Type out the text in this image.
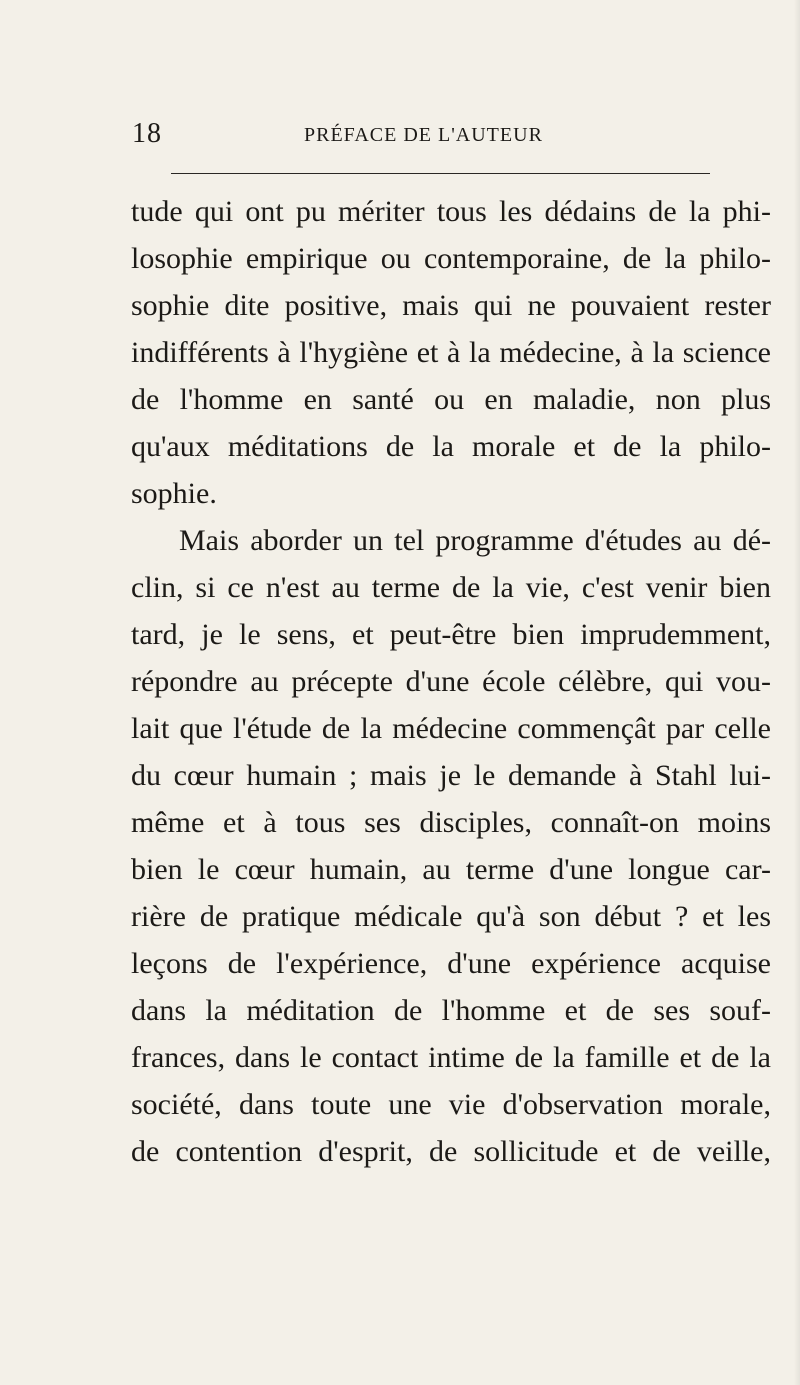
18	PRÉFACE DE L'AUTEUR
tude qui ont pu mériter tous les dédains de la phi-
losophie empirique ou contemporaine, de la philo-
sophie dite positive, mais qui ne pouvaient rester
indifférents à l'hygiène et à la médecine, à la science
de l'homme en santé ou en maladie, non plus
qu'aux méditations de la morale et de la philo-
sophie.
Mais aborder un tel programme d'études au dé-
clin, si ce n'est au terme de la vie, c'est venir bien
tard, je le sens, et peut-être bien imprudemment,
répondre au précepte d'une école célèbre, qui vou-
lait que l'étude de la médecine commençât par celle
du cœur humain ; mais je le demande à Stahl lui-
même et à tous ses disciples, connaît-on moins
bien le cœur humain, au terme d'une longue car-
rière de pratique médicale qu'à son début ? et les
leçons de l'expérience, d'une expérience acquise
dans la méditation de l'homme et de ses souf-
frances, dans le contact intime de la famille et de la
société, dans toute une vie d'observation morale,
de contention d'esprit, de sollicitude et de veille,
